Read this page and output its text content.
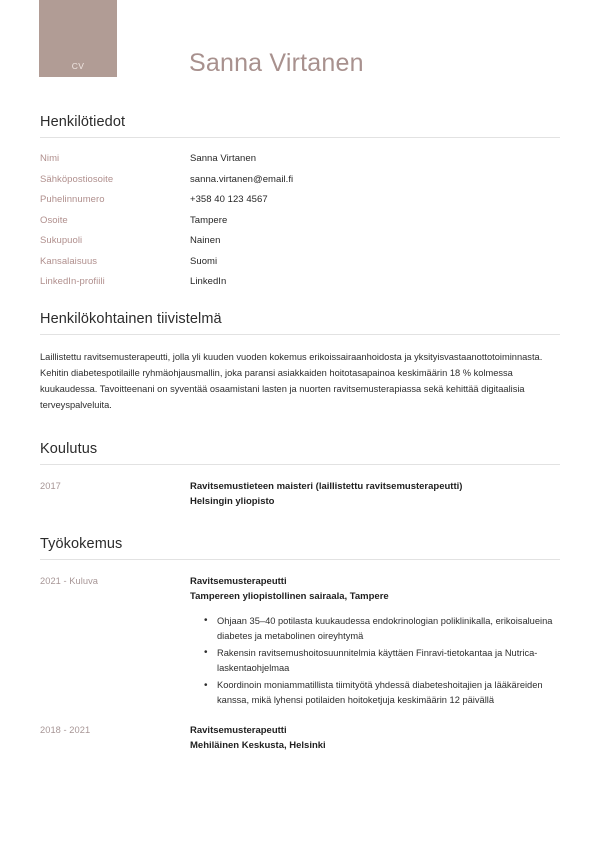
CV	Sanna Virtanen
Henkilötiedot
Nimi	Sanna Virtanen
Sähköpostiosoite	sanna.virtanen@email.fi
Puhelinnumero	+358 40 123 4567
Osoite	Tampere
Sukupuoli	Nainen
Kansalaisuus	Suomi
LinkedIn-profiili	LinkedIn
Henkilökohtainen tiivistelmä

Laillistettu ravitsemusterapeutti, jolla yli kuuden vuoden kokemus erikoissairaanhoidosta ja yksityisvastaanottotoiminnasta. Kehitin diabetespotilaille ryhmäohjausmallin, joka paransi asiakkaiden hoitotasapainoa keskimäärin 18 % kolmessa kuukaudessa. Tavoitteenani on syventää osaamistani lasten ja nuorten ravitsemusterapiassa sekä kehittää digitaalisia terveyspalveluita.

Koulutus
2017	Ravitsemustieteen maisteri (laillistettu ravitsemusterapeutti)
Helsingin yliopisto
Työkokemus
2021 - Kuluva	Ravitsemusterapeutti
Tampereen yliopistollinen sairaala, Tampere
• Ohjaan 35–40 potilasta kuukaudessa endokrinologian poliklinikalla, erikoisalueina diabetes ja metabolinen oireyhtymä
• Rakensin ravitsemushoitosuunnitelmia käyttäen Finravi-tietokantaa ja Nutrica-laskentaohjelmaa
• Koordinoin moniammatillista tiimityötä yhdessä diabeteshoitajien ja lääkäreiden kanssa, mikä lyhensi potilaiden hoitoketjuja keskimäärin 12 päivällä
2018 - 2021	Ravitsemusterapeutti
Mehiläinen Keskusta, Helsinki
